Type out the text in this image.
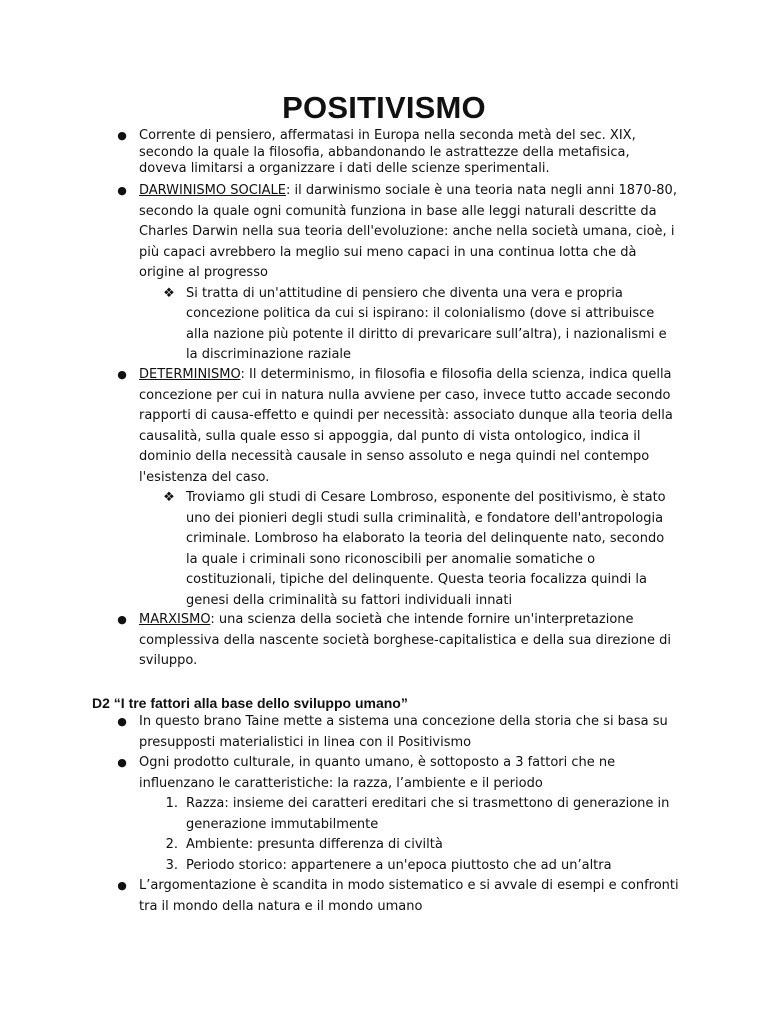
POSITIVISMO
● Corrente di pensiero, affermatasi in Europa nella seconda metà del sec. XIX, secondo la quale la filosofia, abbandonando le astrattezze della metafisica, doveva limitarsi a organizzare i dati delle scienze sperimentali.
● DARWINISMO SOCIALE: il darwinismo sociale è una teoria nata negli anni 1870-80, secondo la quale ogni comunità funziona in base alle leggi naturali descritte da Charles Darwin nella sua teoria dell'evoluzione: anche nella società umana, cioè, i più capaci avrebbero la meglio sui meno capaci in una continua lotta che dà origine al progresso
❖ Si tratta di un'attitudine di pensiero che diventa una vera e propria concezione politica da cui si ispirano: il colonialismo (dove si attribuisce alla nazione più potente il diritto di prevaricare sull’altra), i nazionalismi e la discriminazione raziale
● DETERMINISMO: Il determinismo, in filosofia e filosofia della scienza, indica quella concezione per cui in natura nulla avviene per caso, invece tutto accade secondo rapporti di causa-effetto e quindi per necessità: associato dunque alla teoria della causalità, sulla quale esso si appoggia, dal punto di vista ontologico, indica il dominio della necessità causale in senso assoluto e nega quindi nel contempo l'esistenza del caso.
❖ Troviamo gli studi di Cesare Lombroso, esponente del positivismo, è stato uno dei pionieri degli studi sulla criminalità, e fondatore dell'antropologia criminale. Lombroso ha elaborato la teoria del delinquente nato, secondo la quale i criminali sono riconoscibili per anomalie somatiche o costituzionali, tipiche del delinquente. Questa teoria focalizza quindi la genesi della criminalità su fattori individuali innati
● MARXISMO: una scienza della società che intende fornire un'interpretazione complessiva della nascente società borghese-capitalistica e della sua direzione di sviluppo.
D2 “I tre fattori alla base dello sviluppo umano”
● In questo brano Taine mette a sistema una concezione della storia che si basa su presupposti materialistici in linea con il Positivismo
● Ogni prodotto culturale, in quanto umano, è sottoposto a 3 fattori che ne influenzano le caratteristiche: la razza, l’ambiente e il periodo
1. Razza: insieme dei caratteri ereditari che si trasmettono di generazione in generazione immutabilmente
2. Ambiente: presunta differenza di civiltà
3. Periodo storico: appartenere a un'epoca piuttosto che ad un’altra
● L’argomentazione è scandita in modo sistematico e si avvale di esempi e confronti tra il mondo della natura e il mondo umano
